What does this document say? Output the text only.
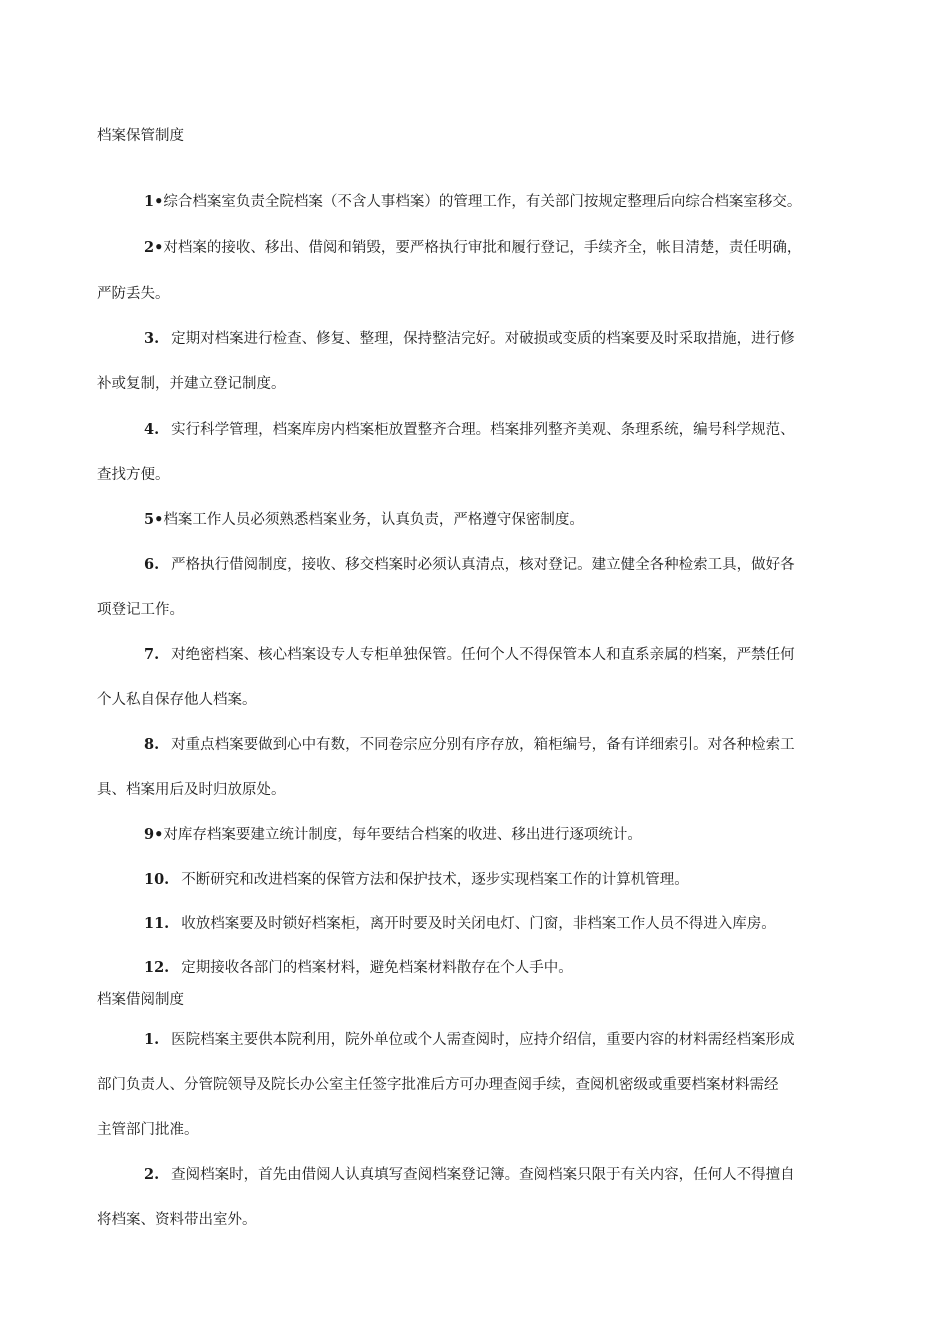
档案保管制度
1•综合档案室负责全院档案（不含人事档案）的管理工作，有关部门按规定整理后向综合档案室移交。
2•对档案的接收、移出、借阅和销毁，要严格执行审批和履行登记，手续齐全，帐目清楚，责任明确，
严防丢失。
3. 定期对档案进行检查、修复、整理，保持整洁完好。对破损或变质的档案要及时采取措施，进行修
补或复制，并建立登记制度。
4. 实行科学管理，档案库房内档案柜放置整齐合理。档案排列整齐美观、条理系统，编号科学规范、
查找方便。
5•档案工作人员必须熟悉档案业务，认真负责，严格遵守保密制度。
6. 严格执行借阅制度，接收、移交档案时必须认真清点，核对登记。建立健全各种检索工具，做好各
项登记工作。
7. 对绝密档案、核心档案设专人专柜单独保管。任何个人不得保管本人和直系亲属的档案，严禁任何
个人私自保存他人档案。
8. 对重点档案要做到心中有数，不同卷宗应分别有序存放，箱柜编号，备有详细索引。对各种检索工
具、档案用后及时归放原处。
9•对库存档案要建立统计制度，每年要结合档案的收进、移出进行逐项统计。
10. 不断研究和改进档案的保管方法和保护技术，逐步实现档案工作的计算机管理。
11. 收放档案要及时锁好档案柜，离开时要及时关闭电灯、门窗，非档案工作人员不得进入库房。
12. 定期接收各部门的档案材料，避免档案材料散存在个人手中。
档案借阅制度
1. 医院档案主要供本院利用，院外单位或个人需查阅时，应持介绍信，重要内容的材料需经档案形成
部门负责人、分管院领导及院长办公室主任签字批准后方可办理查阅手续，查阅机密级或重要档案材料需经
主管部门批准。
2. 查阅档案时，首先由借阅人认真填写查阅档案登记簿。查阅档案只限于有关内容，任何人不得擅自
将档案、资料带出室外。
